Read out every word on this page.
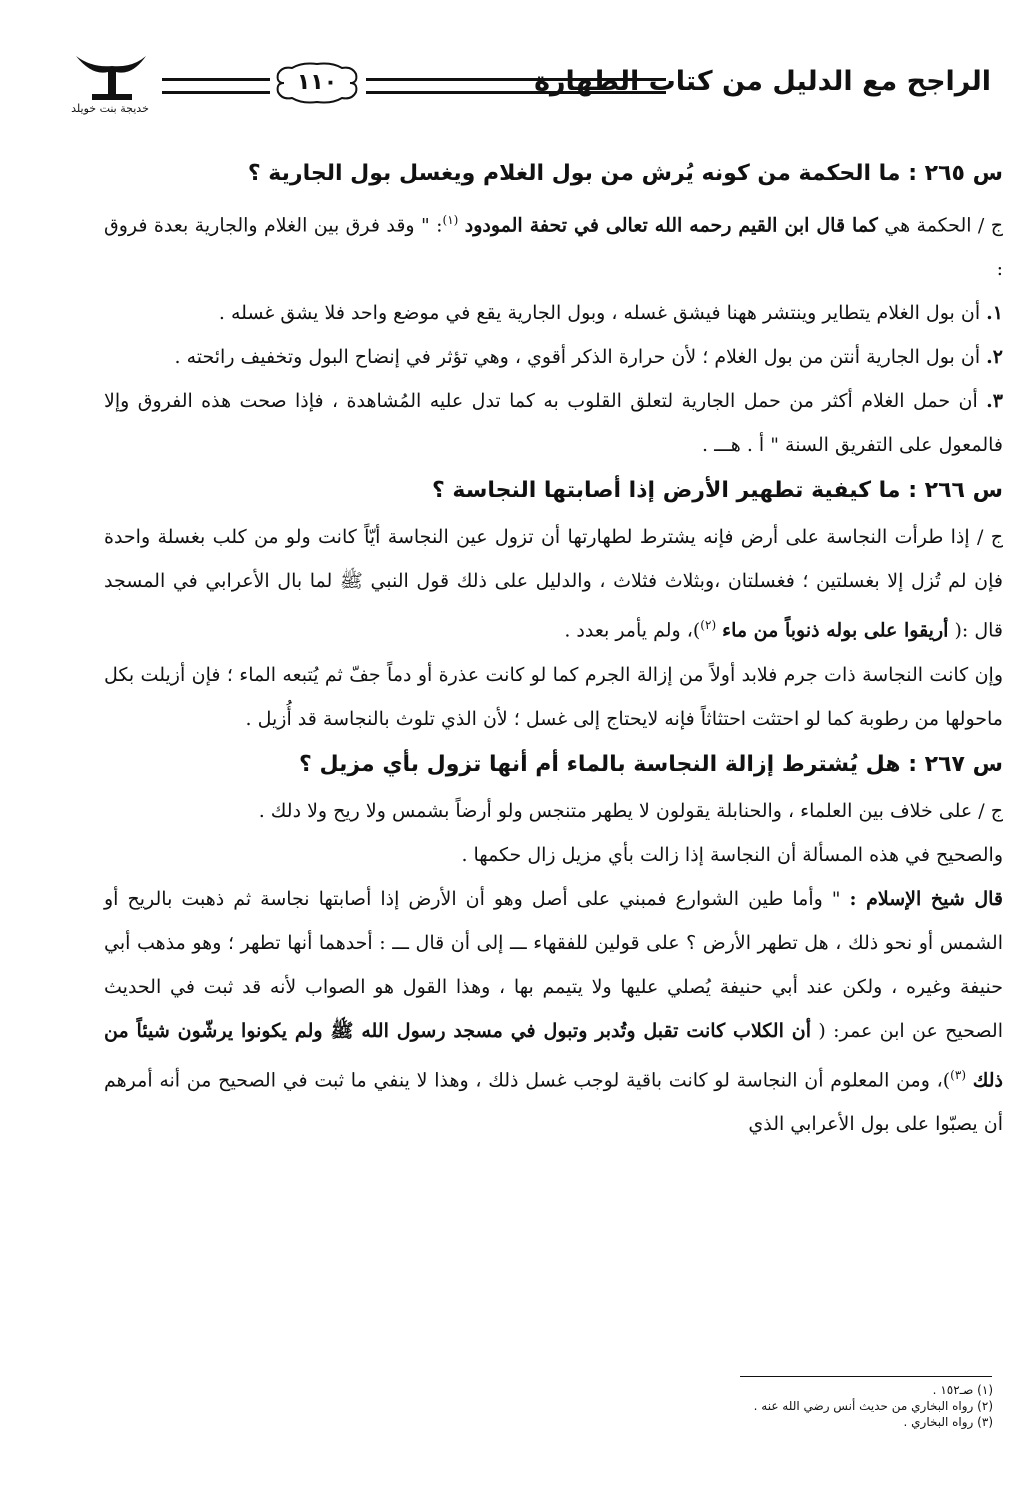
الراجح مع الدليل من كتاب الطهارة
١١٠
خديجة بنت خويلد
س ٢٦٥ : ما الحكمة من كونه يُرش من بول الغلام ويغسل بول الجارية ؟
ج / الحكمة هي كما قال ابن القيم رحمه الله تعالى في تحفة المودود $^{(١)}$: " وقد فرق بين الغلام والجارية بعدة فروق :
١. أن بول الغلام يتطاير وينتشر ههنا فيشق غسله ، وبول الجارية يقع في موضع واحد فلا يشق غسله .
٢. أن بول الجارية أنتن من بول الغلام ؛ لأن حرارة الذكر أقوي ، وهي تؤثر في إنضاح البول وتخفيف رائحته .
٣. أن حمل الغلام أكثر من حمل الجارية لتعلق القلوب به كما تدل عليه المُشاهدة ، فإذا صحت هذه الفروق وإلا فالمعول على التفريق السنة " أ . هـــ .
س ٢٦٦ : ما كيفية تطهير الأرض إذا أصابتها النجاسة ؟
ج / إذا طرأت النجاسة على أرض فإنه يشترط لطهارتها أن تزول عين النجاسة أيّاً كانت ولو من كلب بغسلة واحدة فإن لم تُزل إلا بغسلتين ؛ فغسلتان ،وبثلاث فثلاث ، والدليل على ذلك قول النبي ﷺ لما بال الأعرابي في المسجد قال :( أريقوا على بوله ذنوباً من ماء $^{(٢)}$)، ولم يأمر بعدد .
وإن كانت النجاسة ذات جرم فلابد أولاً من إزالة الجرم كما لو كانت عذرة أو دماً جفّ ثم يُتبعه الماء ؛ فإن أزيلت بكل ماحولها من رطوبة كما لو احتثت احتثاثاً فإنه لايحتاج إلى غسل ؛ لأن الذي تلوث بالنجاسة قد أُزيل .
س ٢٦٧ : هل يُشترط إزالة النجاسة بالماء أم أنها تزول بأي مزيل ؟
ج / على خلاف بين العلماء ، والحنابلة يقولون لا يطهر متنجس ولو أرضاً بشمس ولا ريح ولا دلك .
والصحيح في هذه المسألة أن النجاسة إذا زالت بأي مزيل زال حكمها .
قال شيخ الإسلام : " وأما طين الشوارع فمبني على أصل وهو أن الأرض إذا أصابتها نجاسة ثم ذهبت بالريح أو الشمس أو نحو ذلك ، هل تطهر الأرض ؟ على قولين للفقهاء ـــ إلى أن قال ـــ : أحدهما أنها تطهر ؛ وهو مذهب أبي حنيفة وغيره ، ولكن عند أبي حنيفة يُصلي عليها ولا يتيمم بها ، وهذا القول هو الصواب لأنه قد ثبت في الحديث الصحيح عن ابن عمر: ( أن الكلاب كانت تقبل وتُدبر وتبول في مسجد رسول الله ﷺ ولم يكونوا يرشّون شيئاً من ذلك $^{(٣)}$)، ومن المعلوم أن النجاسة لو كانت باقية لوجب غسل ذلك ، وهذا لا ينفي ما ثبت في الصحيح من أنه أمرهم أن يصبّوا على بول الأعرابي الذي
(١) صـ١٥٢ .
(٢) رواه البخاري من حديث أنس رضي الله عنه .
(٣) رواه البخاري .
